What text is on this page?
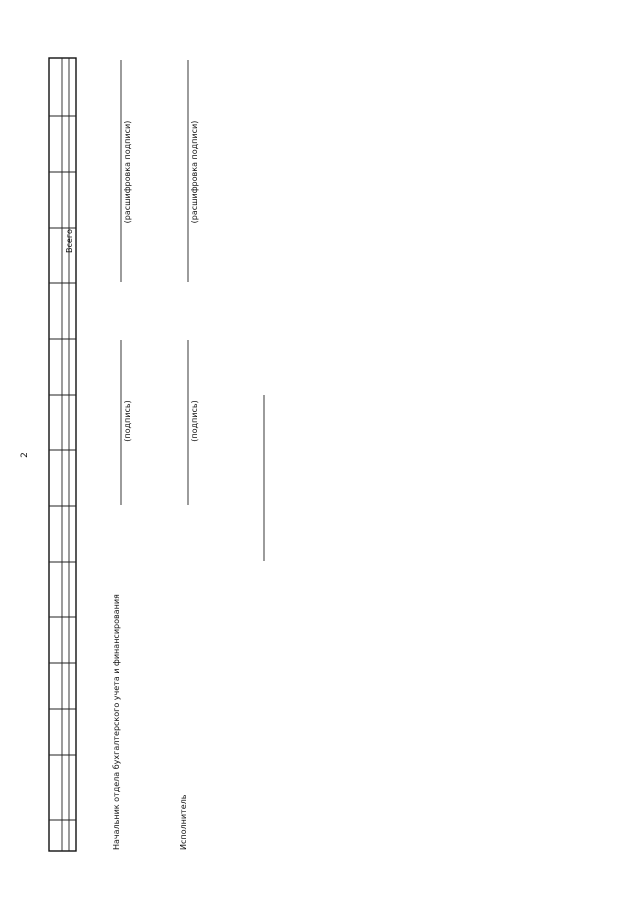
2
Всего
Начальник отдела бухгалтерского учета и финансирования
(подпись)
(расшифровка подписи)
Исполнитель
(подпись)
(расшифровка подписи)
